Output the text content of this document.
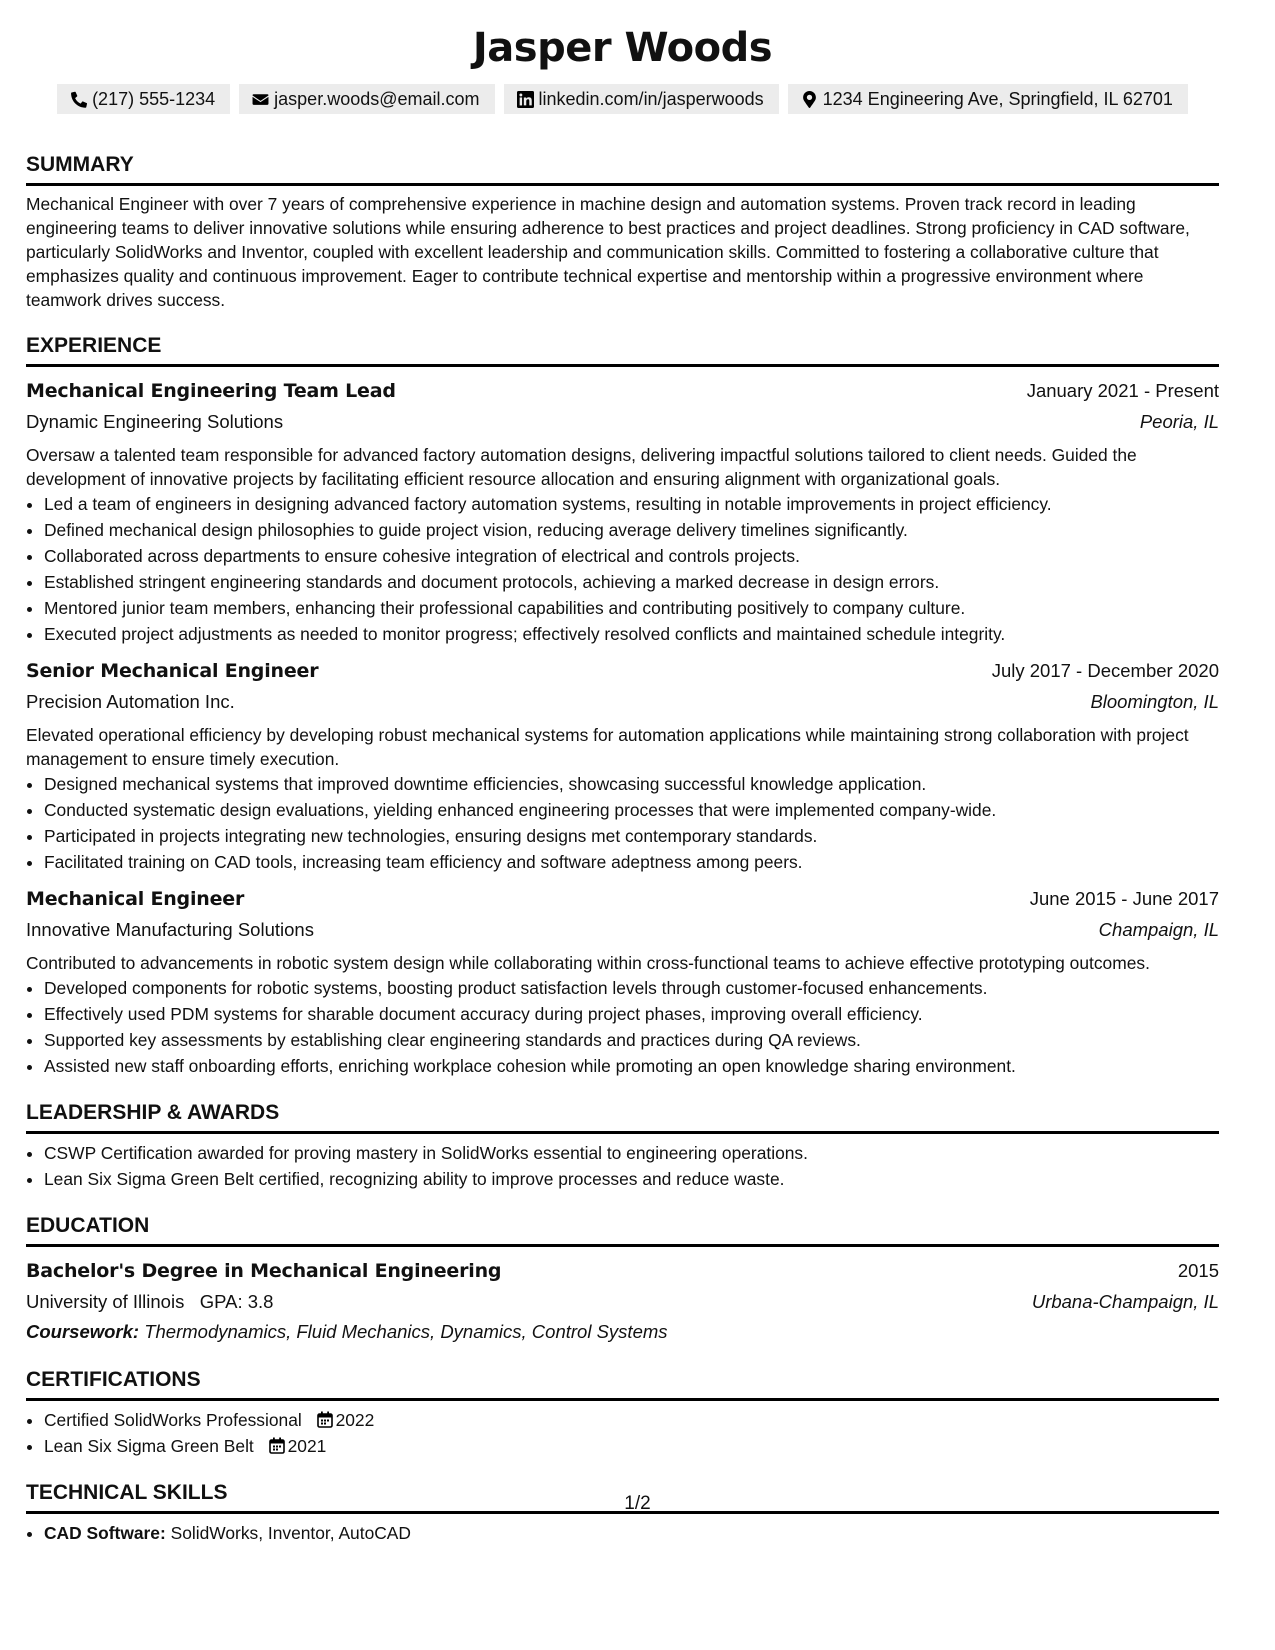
Jasper Woods
(217) 555-1234	jasper.woods@email.com	linkedin.com/in/jasperwoods	1234 Engineering Ave, Springfield, IL 62701
SUMMARY

Mechanical Engineer with over 7 years of comprehensive experience in machine design and automation systems. Proven track record in leading engineering teams to deliver innovative solutions while ensuring adherence to best practices and project deadlines. Strong proficiency in CAD software, particularly SolidWorks and Inventor, coupled with excellent leadership and communication skills. Committed to fostering a collaborative culture that emphasizes quality and continuous improvement. Eager to contribute technical expertise and mentorship within a progressive environment where teamwork drives success.

EXPERIENCE
Mechanical Engineering Team Lead	January 2021 - Present
Dynamic Engineering Solutions	Peoria, IL

Oversaw a talented team responsible for advanced factory automation designs, delivering impactful solutions tailored to client needs. Guided the development of innovative projects by facilitating efficient resource allocation and ensuring alignment with organizational goals.

• Led a team of engineers in designing advanced factory automation systems, resulting in notable improvements in project efficiency.
• Defined mechanical design philosophies to guide project vision, reducing average delivery timelines significantly.
• Collaborated across departments to ensure cohesive integration of electrical and controls projects.
• Established stringent engineering standards and document protocols, achieving a marked decrease in design errors.
• Mentored junior team members, enhancing their professional capabilities and contributing positively to company culture.
• Executed project adjustments as needed to monitor progress; effectively resolved conflicts and maintained schedule integrity.
Senior Mechanical Engineer	July 2017 - December 2020
Precision Automation Inc.	Bloomington, IL

Elevated operational efficiency by developing robust mechanical systems for automation applications while maintaining strong collaboration with project management to ensure timely execution.

• Designed mechanical systems that improved downtime efficiencies, showcasing successful knowledge application.
• Conducted systematic design evaluations, yielding enhanced engineering processes that were implemented company-wide.
• Participated in projects integrating new technologies, ensuring designs met contemporary standards.
• Facilitated training on CAD tools, increasing team efficiency and software adeptness among peers.
Mechanical Engineer	June 2015 - June 2017
Innovative Manufacturing Solutions	Champaign, IL

Contributed to advancements in robotic system design while collaborating within cross-functional teams to achieve effective prototyping outcomes.

• Developed components for robotic systems, boosting product satisfaction levels through customer-focused enhancements.
• Effectively used PDM systems for sharable document accuracy during project phases, improving overall efficiency.
• Supported key assessments by establishing clear engineering standards and practices during QA reviews.
• Assisted new staff onboarding efforts, enriching workplace cohesion while promoting an open knowledge sharing environment.
LEADERSHIP & AWARDS
• CSWP Certification awarded for proving mastery in SolidWorks essential to engineering operations.
• Lean Six Sigma Green Belt certified, recognizing ability to improve processes and reduce waste.
EDUCATION
Bachelor's Degree in Mechanical Engineering	2015
University of Illinois GPA: 3.8	Urbana-Champaign, IL
Coursework: Thermodynamics, Fluid Mechanics, Dynamics, Control Systems
CERTIFICATIONS
• Certified SolidWorks Professional 2022
• Lean Six Sigma Green Belt 2021
TECHNICAL SKILLS
• CAD Software: SolidWorks, Inventor, AutoCAD
1/2
